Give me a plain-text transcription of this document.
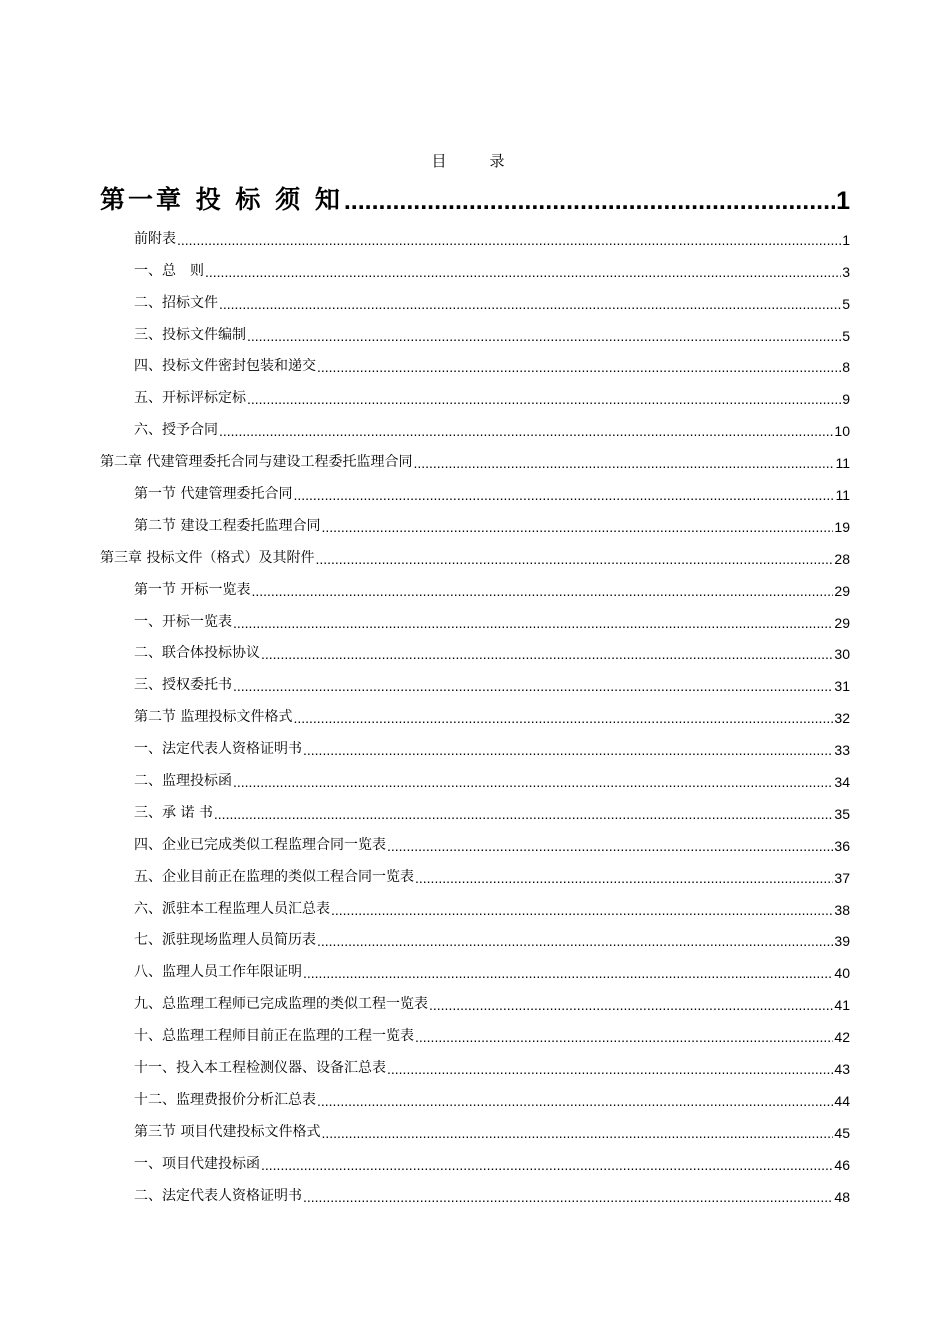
目　录
第一章 投 标 须 知 .....	1
前附表 .....	1
一、总　则 .....	3
二、招标文件 .....	5
三、投标文件编制 .....	5
四、投标文件密封包装和递交 .....	8
五、开标评标定标 .....	9
六、授予合同 .....	10
第二章 代建管理委托合同与建设工程委托监理合同 .....	11
第一节 代建管理委托合同 .....	11
第二节 建设工程委托监理合同 .....	19
第三章 投标文件（格式）及其附件 .....	28
第一节 开标一览表 .....	29
一、开标一览表 .....	29
二、联合体投标协议 .....	30
三、授权委托书 .....	31
第二节 监理投标文件格式 .....	32
一、法定代表人资格证明书 .....	33
二、监理投标函 .....	34
三、承 诺 书 .....	35
四、企业已完成类似工程监理合同一览表 .....	36
五、企业目前正在监理的类似工程合同一览表 .....	37
六、派驻本工程监理人员汇总表 .....	38
七、派驻现场监理人员简历表 .....	39
八、监理人员工作年限证明 .....	40
九、总监理工程师已完成监理的类似工程一览表 .....	41
十、总监理工程师目前正在监理的工程一览表 .....	42
十一、投入本工程检测仪器、设备汇总表 .....	43
十二、监理费报价分析汇总表 .....	44
第三节 项目代建投标文件格式 .....	45
一、项目代建投标函 .....	46
二、法定代表人资格证明书 .....	48
